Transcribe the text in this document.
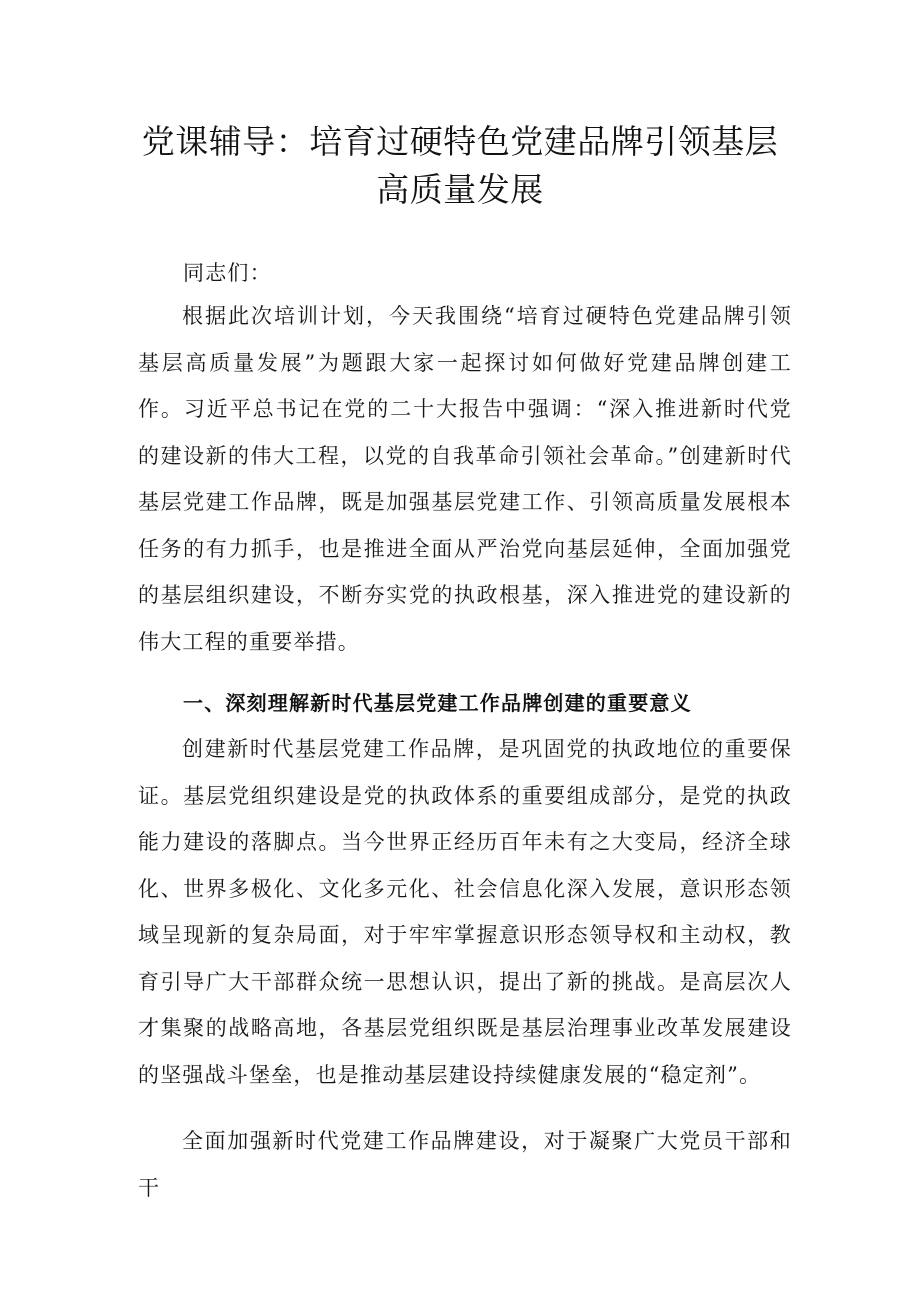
党课辅导：培育过硬特色党建品牌引领基层
高质量发展

同志们：

根据此次培训计划，今天我围绕“培育过硬特色党建品牌引领基层高质量发展”为题跟大家一起探讨如何做好党建品牌创建工作。习近平总书记在党的二十大报告中强调：“深入推进新时代党的建设新的伟大工程，以党的自我革命引领社会革命。”创建新时代基层党建工作品牌，既是加强基层党建工作、引领高质量发展根本任务的有力抓手，也是推进全面从严治党向基层延伸，全面加强党的基层组织建设，不断夯实党的执政根基，深入推进党的建设新的伟大工程的重要举措。

一、深刻理解新时代基层党建工作品牌创建的重要意义

创建新时代基层党建工作品牌，是巩固党的执政地位的重要保证。基层党组织建设是党的执政体系的重要组成部分，是党的执政能力建设的落脚点。当今世界正经历百年未有之大变局，经济全球化、世界多极化、文化多元化、社会信息化深入发展，意识形态领域呈现新的复杂局面，对于牢牢掌握意识形态领导权和主动权，教育引导广大干部群众统一思想认识，提出了新的挑战。是高层次人才集聚的战略高地，各基层党组织既是基层治理事业改革发展建设的坚强战斗堡垒，也是推动基层建设持续健康发展的“稳定剂”。

全面加强新时代党建工作品牌建设，对于凝聚广大党员干部和干
